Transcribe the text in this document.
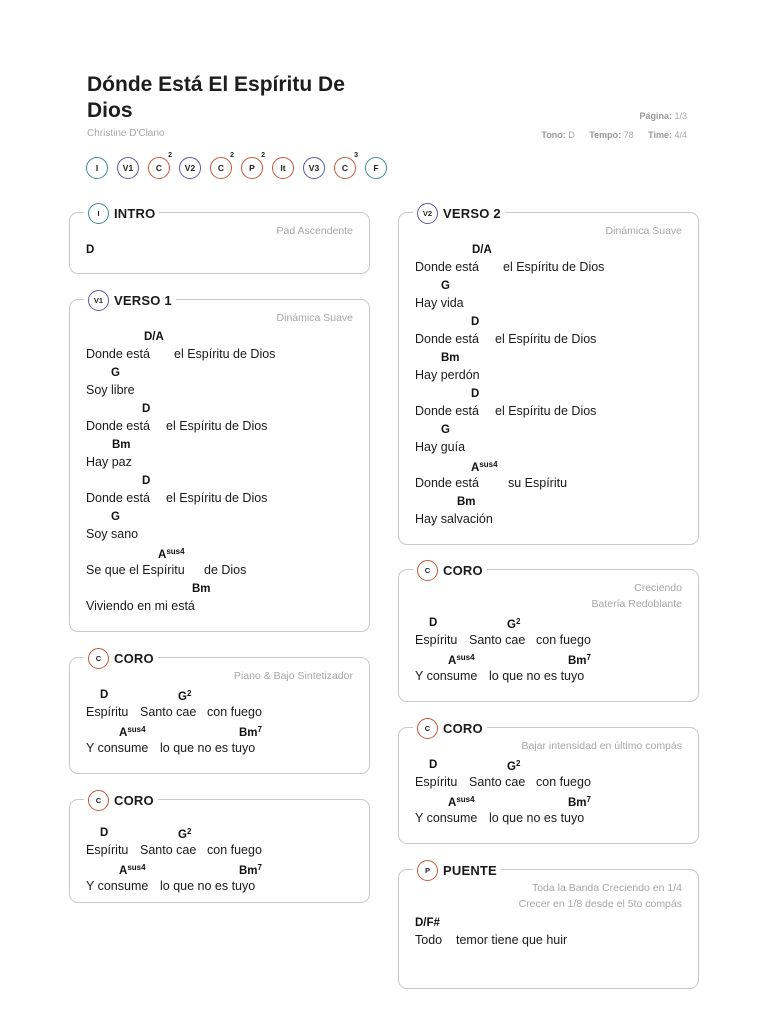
Dónde Está El Espíritu De Dios
Christine D'Clario
Página: 1/3
Tono: D Tempo: 78 Time: 4/4
I	V1	C
2
V2	C
2
P
2
It	V3	C
3
F
I	INTRO
Pad Ascendente
D
V1 VERSO 1
Dinámica Suave
D/A
Donde está el Espíritu de Dios
G
Soy libre
D
Donde está el Espíritu de Dios
Bm
Hay paz
D
Donde está el Espíritu de Dios
G
Soy sano
$A^{sus4}$
Se que el Espíritu de Dios
Bm
Viviendo en mi está
C CORO
Piano & Bajo Sintetizador
D	$G^2$
Espíritu Santo cae con fuego
$A^{sus4}$	Bm$^7$
Y consume lo que no es tuyo
C CORO
D	$G^2$
Espíritu Santo cae con fuego
$A^{sus4}$	Bm$^7$
Y consume lo que no es tuyo
V2 VERSO 2
Dinámica Suave
D/A
Donde está el Espíritu de Dios
G
Hay vida
D
Donde está el Espíritu de Dios
Bm
Hay perdón
D
Donde está el Espíritu de Dios
G
Hay guía
$A^{sus4}$
Donde está su Espíritu
Bm
Hay salvación
C CORO
Creciendo
Batería Redoblante
D	$G^2$
Espíritu Santo cae con fuego
$A^{sus4}$	Bm$^7$
Y consume lo que no es tuyo
C CORO
Bajar intensidad en último compás
D	$G^2$
Espíritu Santo cae con fuego
$A^{sus4}$	Bm$^7$
Y consume lo que no es tuyo
P	PUENTE
Toda la Banda Creciendo en 1/4
Crecer en 1/8 desde el 5to compás
D/F#
Todo temor tiene que huir
